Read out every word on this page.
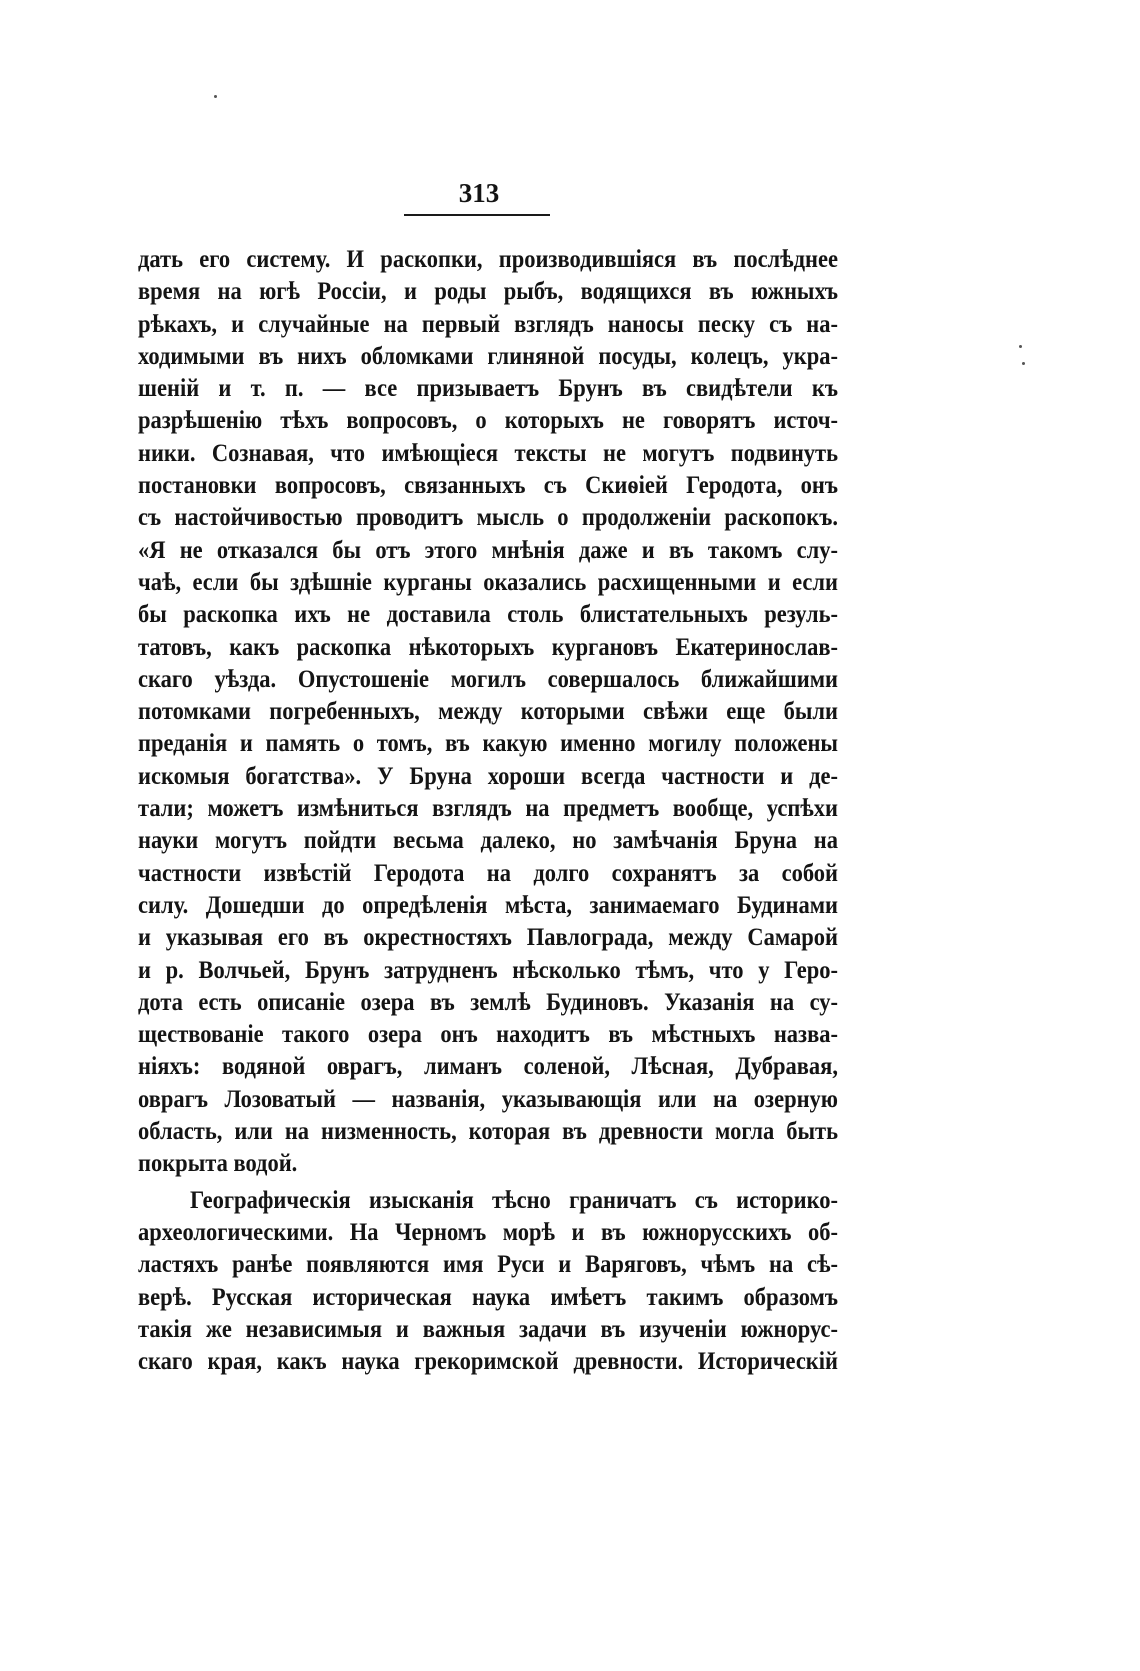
313
дать его систему. И раскопки, производившіяся въ послѣднее
время на югѣ Россіи, и роды рыбъ, водящихся въ южныхъ
рѣкахъ, и случайные на первый взглядъ наносы песку съ на-
ходимыми въ нихъ обломками глиняной посуды, колецъ, укра-
шеній и т. п. — все призываетъ Брунъ въ свидѣтели къ
разрѣшенію тѣхъ вопросовъ, о которыхъ не говорятъ источ-
ники. Сознавая, что имѣющіеся тексты не могутъ подвинуть
постановки вопросовъ, связанныхъ съ Скиѳіей Геродота, онъ
съ настойчивостью проводитъ мысль о продолженіи раскопокъ.
«Я не отказался бы отъ этого мнѣнія даже и въ такомъ слу-
чаѣ, если бы здѣшніе курганы оказались расхищенными и если
бы раскопка ихъ не доставила столь блистательныхъ резуль-
татовъ, какъ раскопка нѣкоторыхъ кургановъ Екатеринослав-
скаго уѣзда. Опустошеніе могилъ совершалось ближайшими
потомками погребенныхъ, между которыми свѣжи еще были
преданія и память о томъ, въ какую именно могилу положены
искомыя богатства». У Бруна хороши всегда частности и де-
тали; можетъ измѣниться взглядъ на предметъ вообще, успѣхи
науки могутъ пойдти весьма далеко, но замѣчанія Бруна на
частности извѣстій Геродота на долго сохранятъ за собой
силу. Дошедши до опредѣленія мѣста, занимаемаго Будинами
и указывая его въ окрестностяхъ Павлограда, между Самарой
и р. Волчьей, Брунъ затрудненъ нѣсколько тѣмъ, что у Геро-
дота есть описаніе озера въ землѣ Будиновъ. Указанія на су-
ществованіе такого озера онъ находитъ въ мѣстныхъ назва-
ніяхъ: водяной оврагъ, лиманъ соленой, Лѣсная, Дубравая,
оврагъ Лозоватый — названія, указывающія или на озерную
область, или на низменность, которая въ древности могла быть
покрыта водой.
Географическія изысканія тѣсно граничатъ съ историко-
археологическими. На Черномъ морѣ и въ южнорусскихъ об-
ластяхъ ранѣе появляются имя Руси и Варяговъ, чѣмъ на сѣ-
верѣ. Русская историческая наука имѣетъ такимъ образомъ
такія же независимыя и важныя задачи въ изученіи южнорус-
скаго края, какъ наука грекоримской древности. Историческій
